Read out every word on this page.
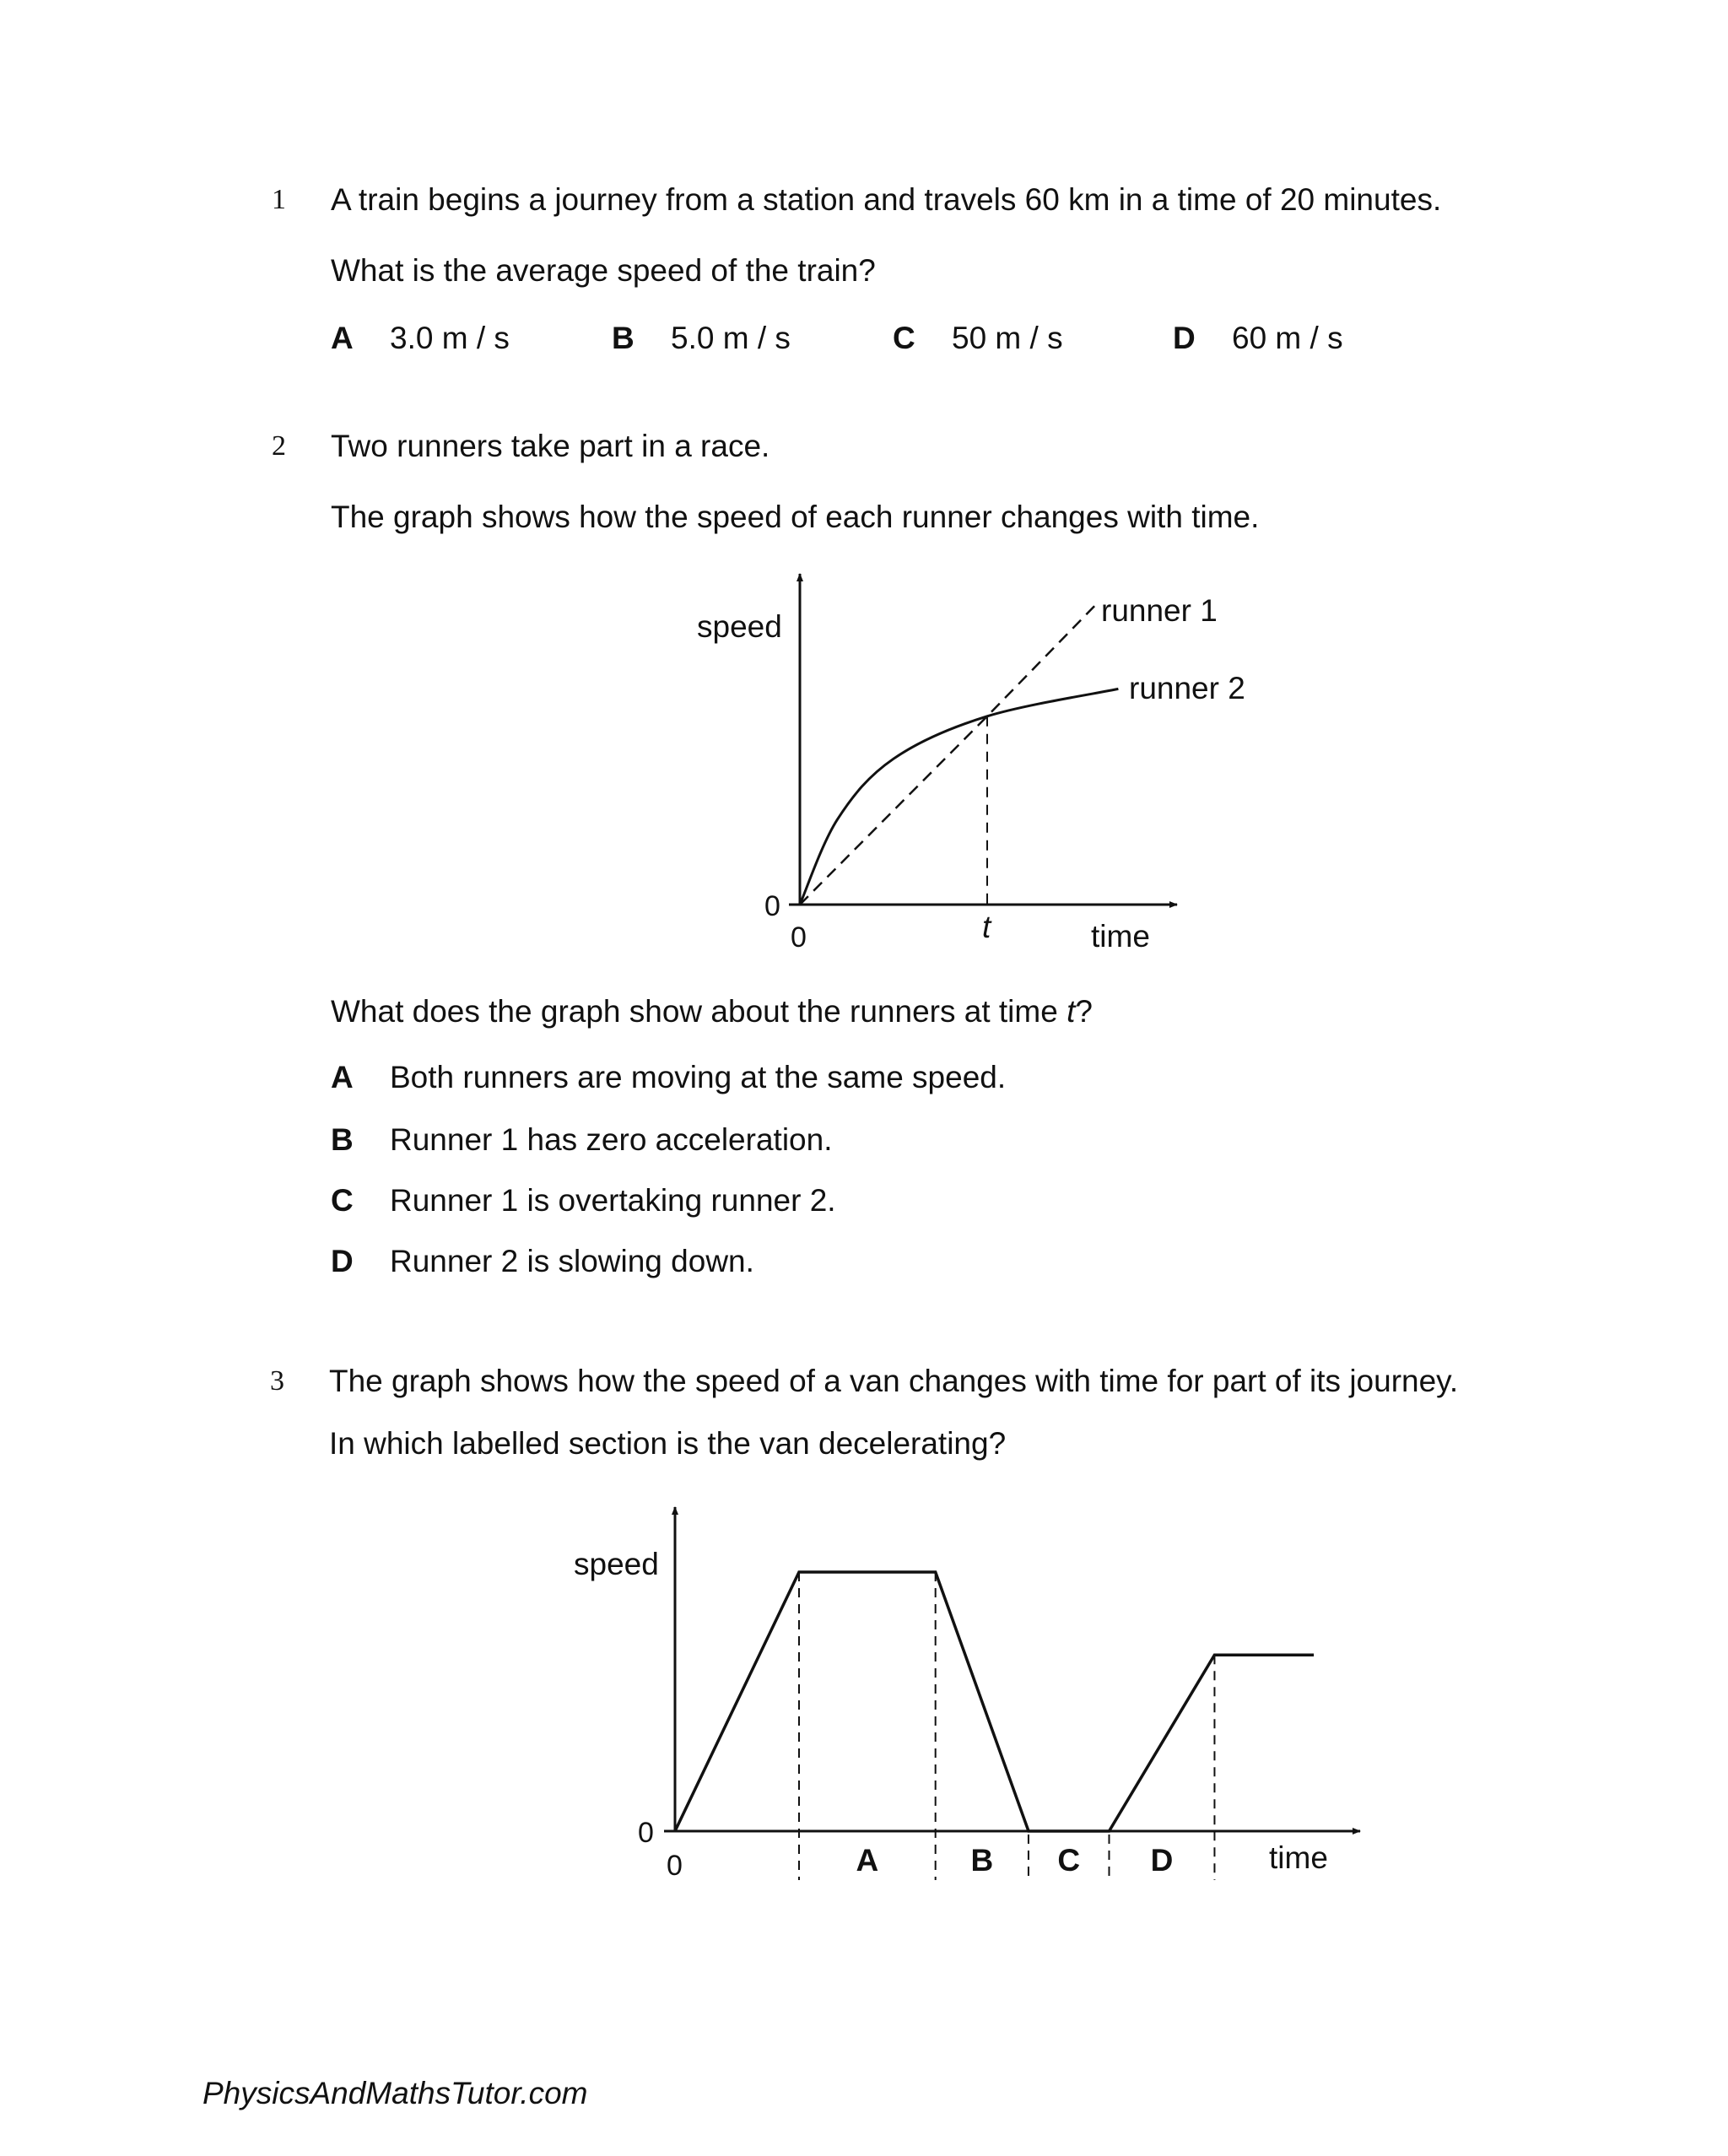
1 A train begins a journey from a station and travels 60 km in a time of 20 minutes.
What is the average speed of the train?
A 3.0 m / s	B 5.0 m / s	C 50 m / s	D 60 m / s
2 Two runners take part in a race.
The graph shows how the speed of each runner changes with time.
speed
time
0
0	t
runner 1
runner 2
A	B C D
speed
time
0
0
What does the graph show about the runners at time t?
A Both runners are moving at the same speed.
B Runner 1 has zero acceleration.
C Runner 1 is overtaking runner 2.
D Runner 2 is slowing down.
3 The graph shows how the speed of a van changes with time for part of its journey.
In which labelled section is the van decelerating?
PhysicsAndMathsTutor.com
